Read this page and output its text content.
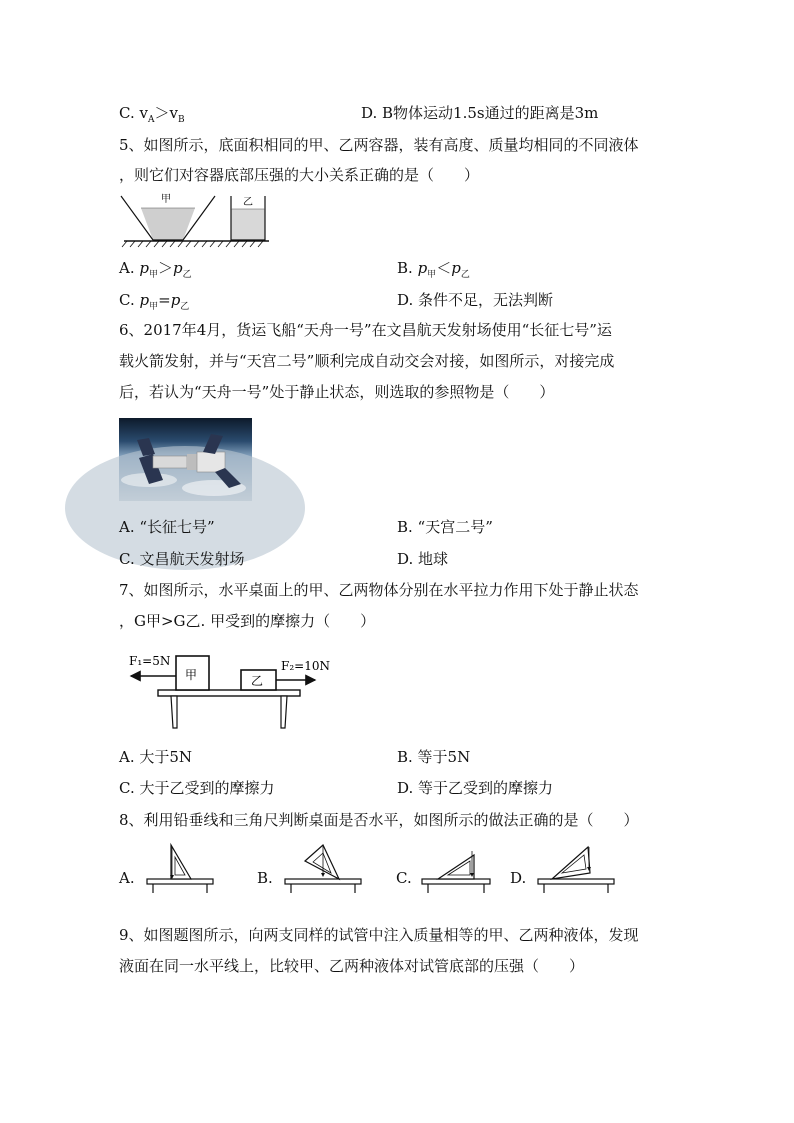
C. $v_A>v_B$	D. B物体运动1.5s通过的距离是3m
5、如图所示，底面积相同的甲、乙两容器，装有高度、质量均相同的不同液体
，则它们对容器底部压强的大小关系正确的是（　　）
甲	乙
A. $p_甲>p_乙$	B. $p_甲<p_乙$
C. $p_甲=p_乙$	D. 条件不足，无法判断
6、2017年4月，货运飞船“天舟一号”在文昌航天发射场使用“长征七号”运
载火箭发射，并与“天宫二号”顺利完成自动交会对接，如图所示，对接完成
后，若认为“天舟一号”处于静止状态，则选取的参照物是（　　）
A. “长征七号”	B. “天宫二号”
C. 文昌航天发射场	D. 地球
7、如图所示，水平桌面上的甲、乙两物体分别在水平拉力作用下处于静止状态
，G甲>G乙. 甲受到的摩擦力（　　）
F₁=5N	F₂=10N
甲	乙
A. 大于5N	B. 等于5N
C. 大于乙受到的摩擦力	D. 等于乙受到的摩擦力
8、利用铅垂线和三角尺判断桌面是否水平，如图所示的做法正确的是（　　）
A.	B.	C.	D.
9、如图题图所示，向两支同样的试管中注入质量相等的甲、乙两种液体，发现
液面在同一水平线上，比较甲、乙两种液体对试管底部的压强（　　）
